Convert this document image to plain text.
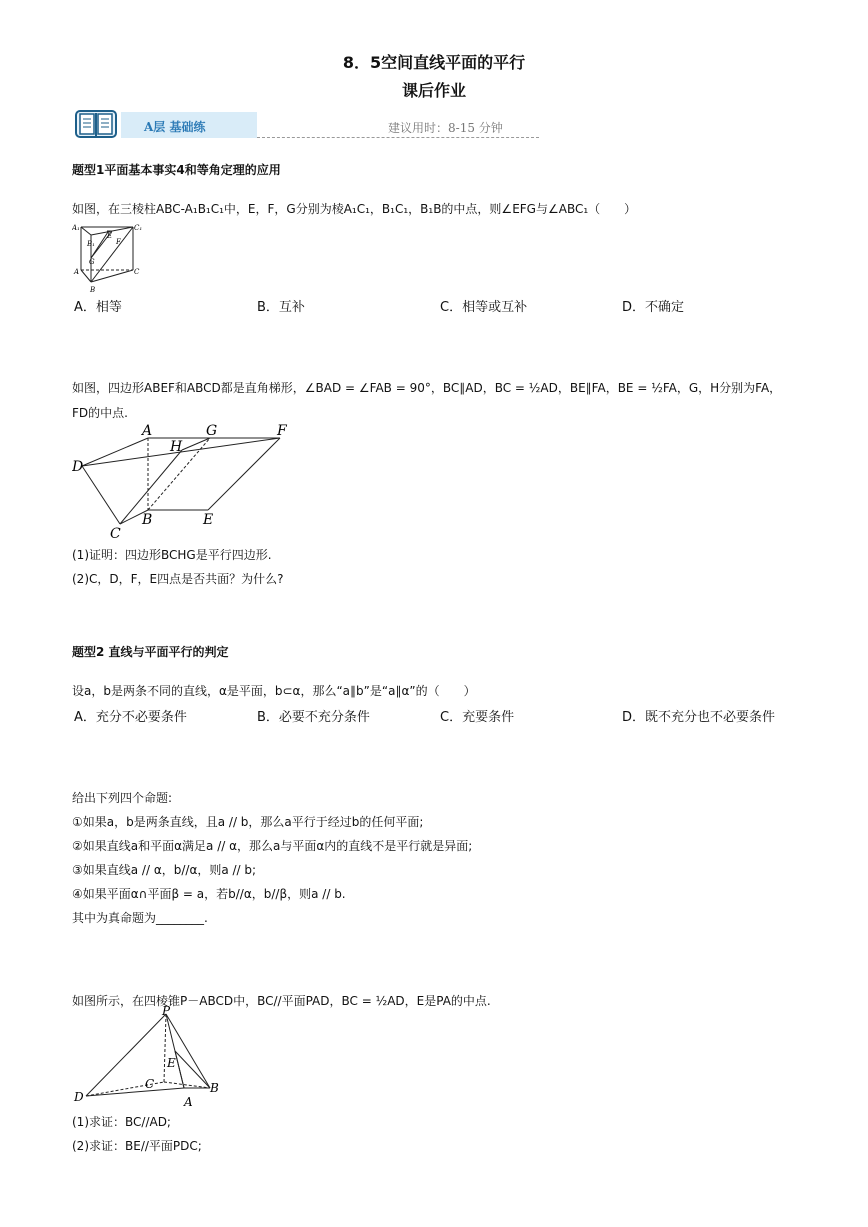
8．5空间直线平面的平行
课后作业
A层 基础练	建议用时：8-15 分钟
题型1平面基本事实4和等角定理的应用
如图，在三棱柱ABC-A₁B₁C₁中，E，F，G分别为棱A₁C₁，B₁C₁，B₁B的中点，则∠EFG与∠ABC₁（　　）
A₁	C₁
B₁
E
F
G
A
B
C
A．相等	B．互补	C．相等或互补	D．不确定
如图，四边形ABEF和ABCD都是直角梯形，∠BAD = ∠FAB = 90°，BC∥AD，BC = ½AD，BE∥FA，BE = ½FA，G，H分别为FA，
FD的中点.
A
H
G	F
D
B	E
C
(1)证明：四边形BCHG是平行四边形.
(2)C，D，F，E四点是否共面？为什么?
题型2 直线与平面平行的判定
设a，b是两条不同的直线，α是平面，b⊂α，那么“a∥b”是“a∥α”的（　　）
A．充分不必要条件	B．必要不充分条件	C．充要条件	D．既不充分也不必要条件
给出下列四个命题:
①如果a，b是两条直线，且a // b，那么a平行于经过b的任何平面;
②如果直线a和平面α满足a // α，那么a与平面α内的直线不是平行就是异面;
③如果直线a // α，b//α，则a // b;
④如果平面α∩平面β = a，若b//α，b//β，则a // b.
其中为真命题为________.
如图所示，在四棱锥P－ABCD中，BC//平面PAD，BC = ½AD，E是PA的中点.
P
E
C
D	A
B
(1)求证：BC//AD;
(2)求证：BE//平面PDC;
